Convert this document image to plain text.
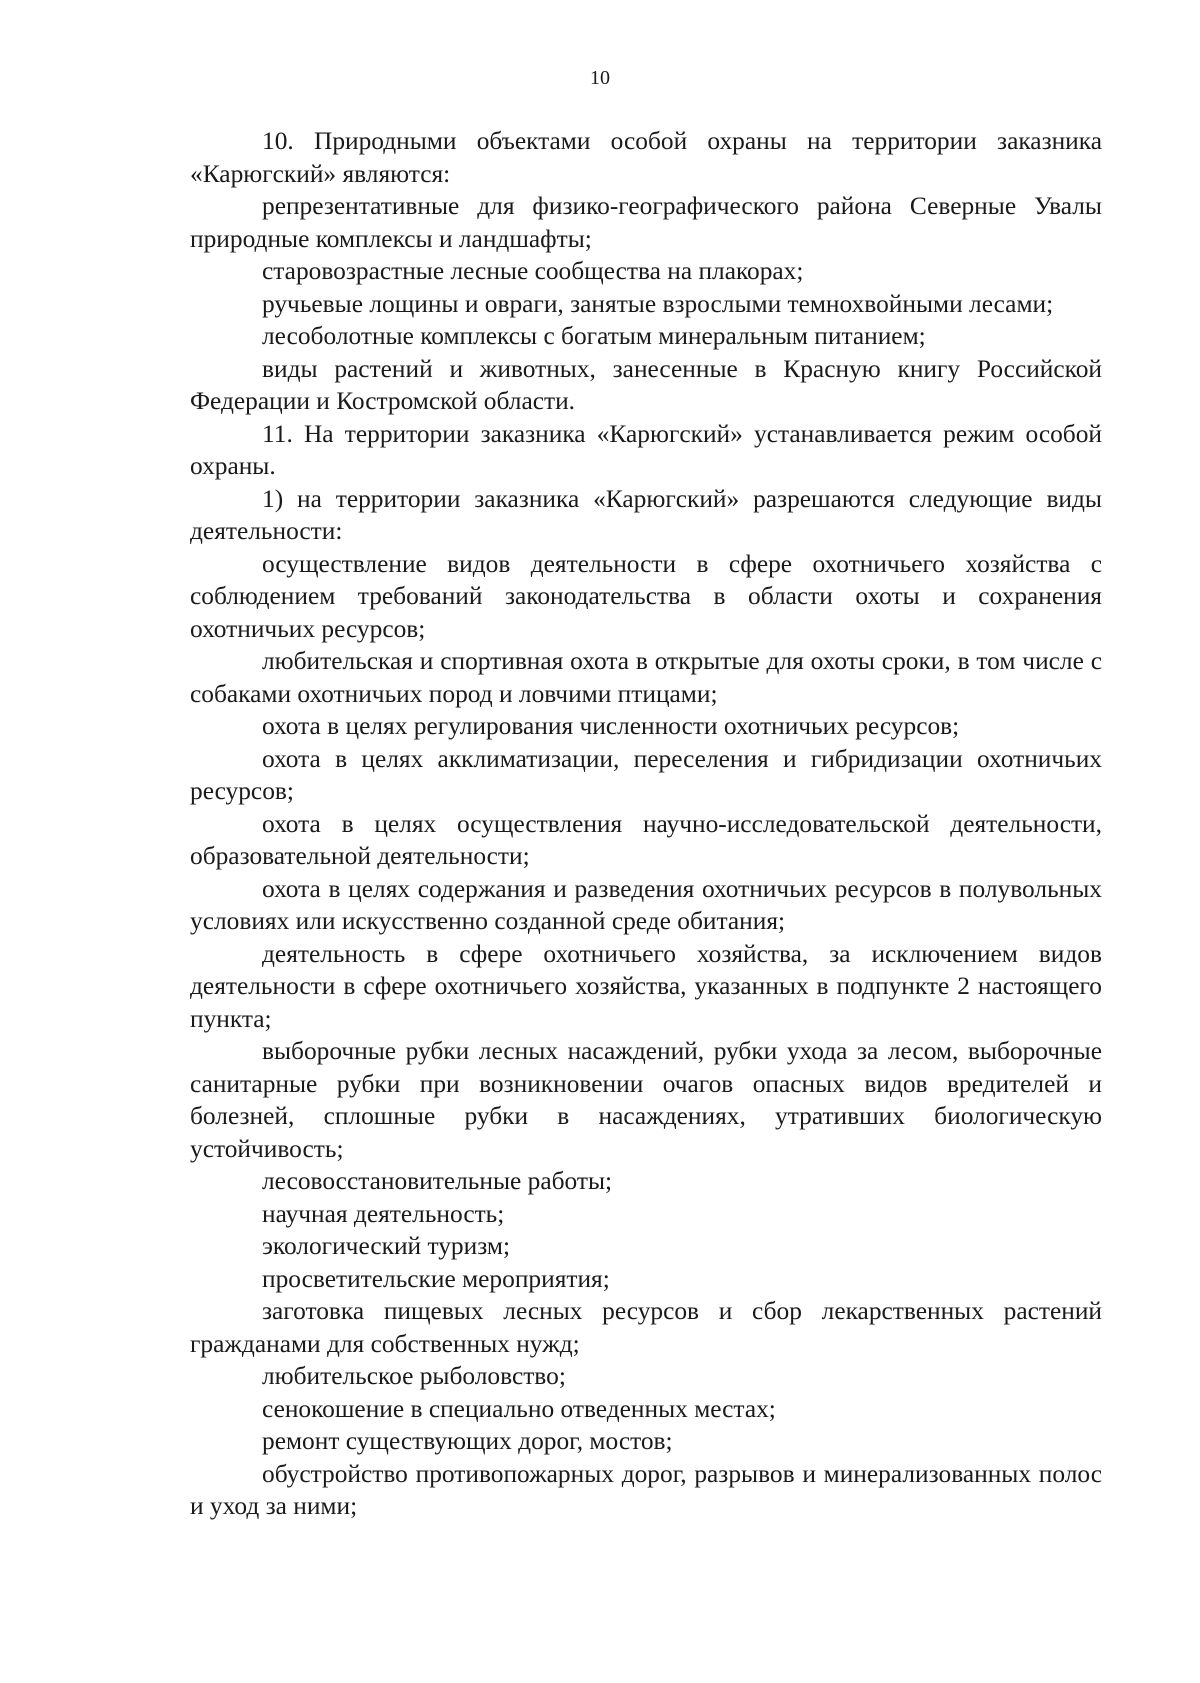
10

10. Природными объектами особой охраны на территории заказника «Карюгский» являются:

репрезентативные для физико-географического района Северные Увалы природные комплексы и ландшафты;

старовозрастные лесные сообщества на плакорах;

ручьевые лощины и овраги, занятые взрослыми темнохвойными лесами;

лесоболотные комплексы с богатым минеральным питанием;

виды растений и животных, занесенные в Красную книгу Российской Федерации и Костромской области.

11. На территории заказника «Карюгский» устанавливается режим особой охраны.

1) на территории заказника «Карюгский» разрешаются следующие виды деятельности:

осуществление видов деятельности в сфере охотничьего хозяйства с соблюдением требований законодательства в области охоты и сохранения охотничьих ресурсов;

любительская и спортивная охота в открытые для охоты сроки, в том числе с собаками охотничьих пород и ловчими птицами;

охота в целях регулирования численности охотничьих ресурсов;

охота в целях акклиматизации, переселения и гибридизации охотничьих ресурсов;

охота в целях осуществления научно-исследовательской деятельности, образовательной деятельности;

охота в целях содержания и разведения охотничьих ресурсов в полувольных условиях или искусственно созданной среде обитания;

деятельность в сфере охотничьего хозяйства, за исключением видов деятельности в сфере охотничьего хозяйства, указанных в подпункте 2 настоящего пункта;

выборочные рубки лесных насаждений, рубки ухода за лесом, выборочные санитарные рубки при возникновении очагов опасных видов вредителей и болезней, сплошные рубки в насаждениях, утративших биологическую устойчивость;

лесовосстановительные работы;

научная деятельность;

экологический туризм;

просветительские мероприятия;

заготовка пищевых лесных ресурсов и сбор лекарственных растений гражданами для собственных нужд;

любительское рыболовство;

сенокошение в специально отведенных местах;

ремонт существующих дорог, мостов;

обустройство противопожарных дорог, разрывов и минерализованных полос и уход за ними;
